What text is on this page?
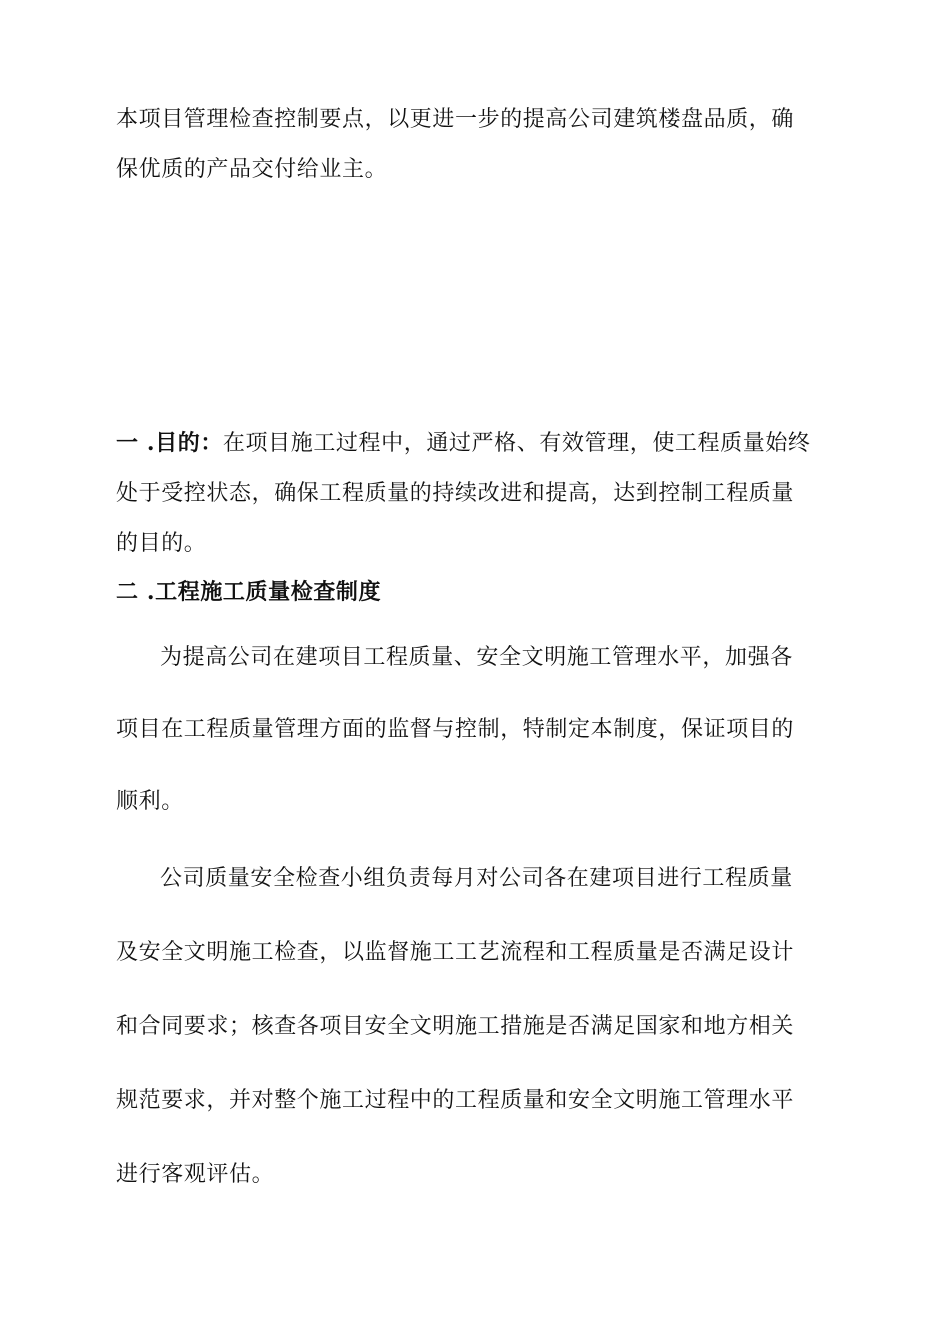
本项目管理检查控制要点，以更进一步的提高公司建筑楼盘品质，确
保优质的产品交付给业主。
一 .目的：在项目施工过程中，通过严格、有效管理，使工程质量始终
处于受控状态，确保工程质量的持续改进和提高，达到控制工程质量
的目的。
二 .工程施工质量检查制度
为提高公司在建项目工程质量、安全文明施工管理水平，加强各
项目在工程质量管理方面的监督与控制，特制定本制度，保证项目的
顺利。
公司质量安全检查小组负责每月对公司各在建项目进行工程质量
及安全文明施工检查，以监督施工工艺流程和工程质量是否满足设计
和合同要求；核查各项目安全文明施工措施是否满足国家和地方相关
规范要求，并对整个施工过程中的工程质量和安全文明施工管理水平
进行客观评估。
